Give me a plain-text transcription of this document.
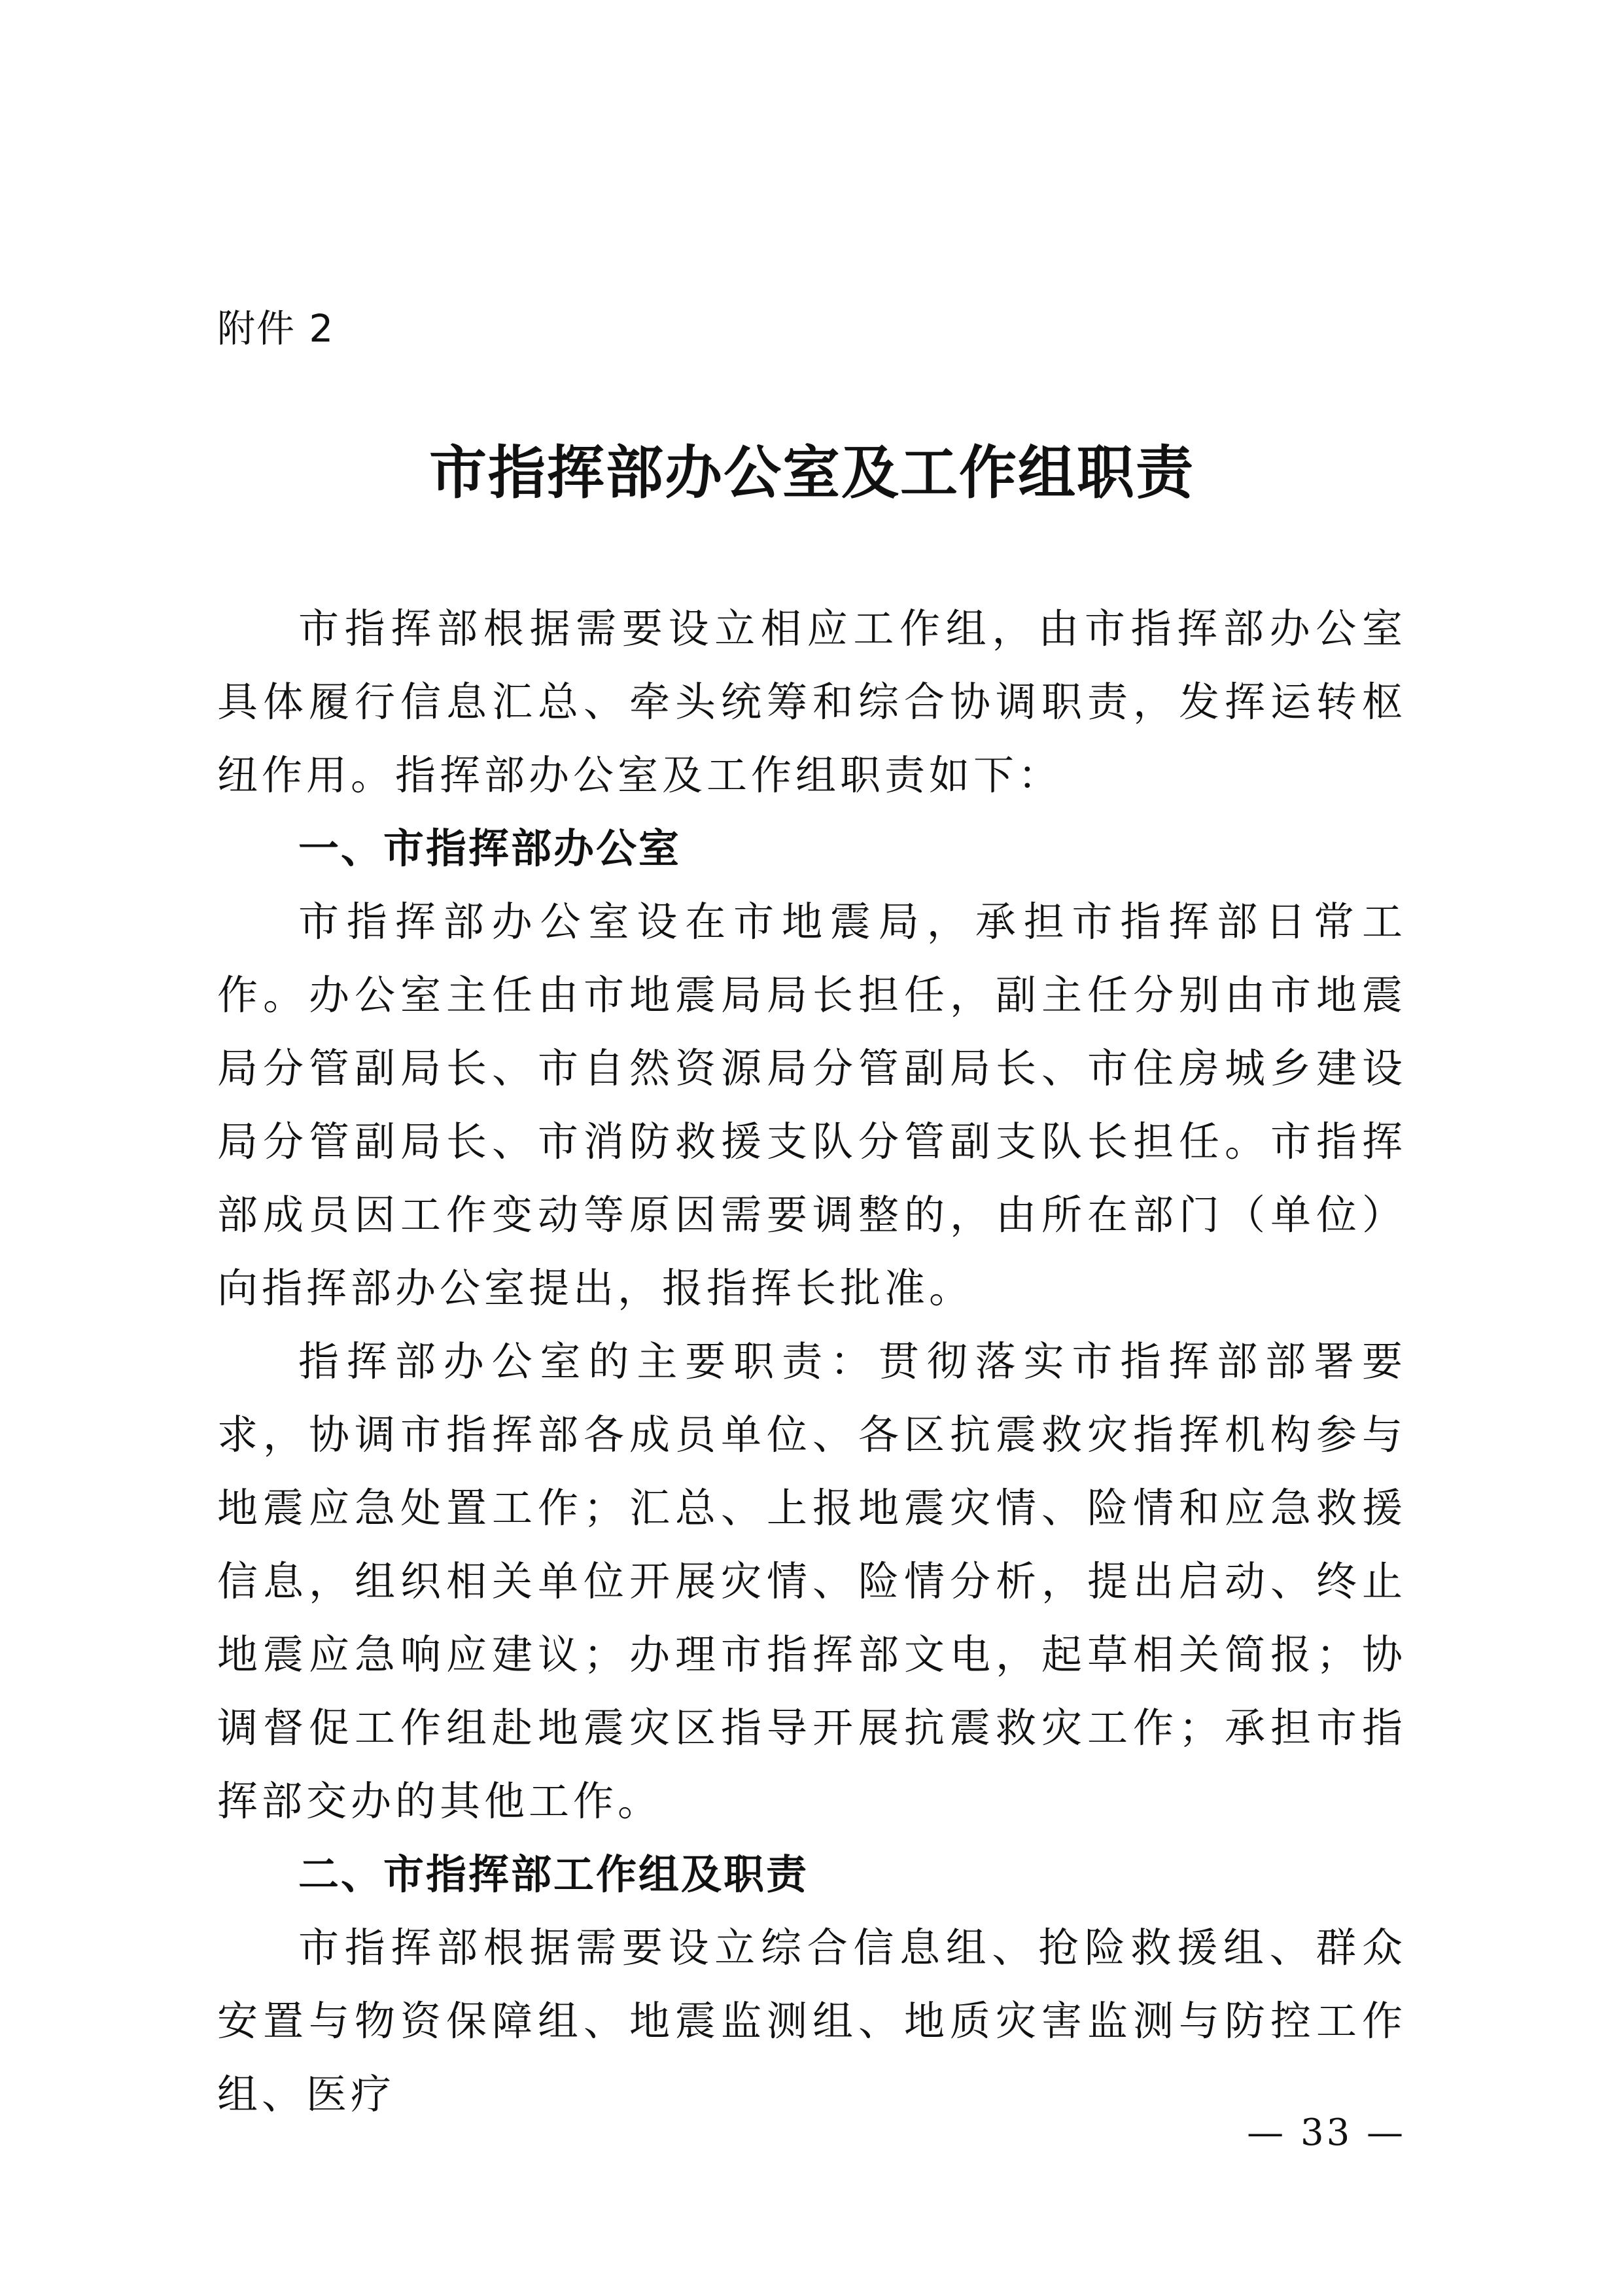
附件 2
市指挥部办公室及工作组职责

市指挥部根据需要设立相应工作组，由市指挥部办公室具体履行信息汇总、牵头统筹和综合协调职责，发挥运转枢纽作用。指挥部办公室及工作组职责如下：

一、市指挥部办公室

市指挥部办公室设在市地震局，承担市指挥部日常工作。办公室主任由市地震局局长担任，副主任分别由市地震局分管副局长、市自然资源局分管副局长、市住房城乡建设局分管副局长、市消防救援支队分管副支队长担任。市指挥部成员因工作变动等原因需要调整的，由所在部门（单位）向指挥部办公室提出，报指挥长批准。

指挥部办公室的主要职责：贯彻落实市指挥部部署要求，协调市指挥部各成员单位、各区抗震救灾指挥机构参与地震应急处置工作；汇总、上报地震灾情、险情和应急救援信息，组织相关单位开展灾情、险情分析，提出启动、终止地震应急响应建议；办理市指挥部文电，起草相关简报；协调督促工作组赴地震灾区指导开展抗震救灾工作；承担市指挥部交办的其他工作。

二、市指挥部工作组及职责

市指挥部根据需要设立综合信息组、抢险救援组、群众安置与物资保障组、地震监测组、地质灾害监测与防控工作组、医疗

— 33 —
